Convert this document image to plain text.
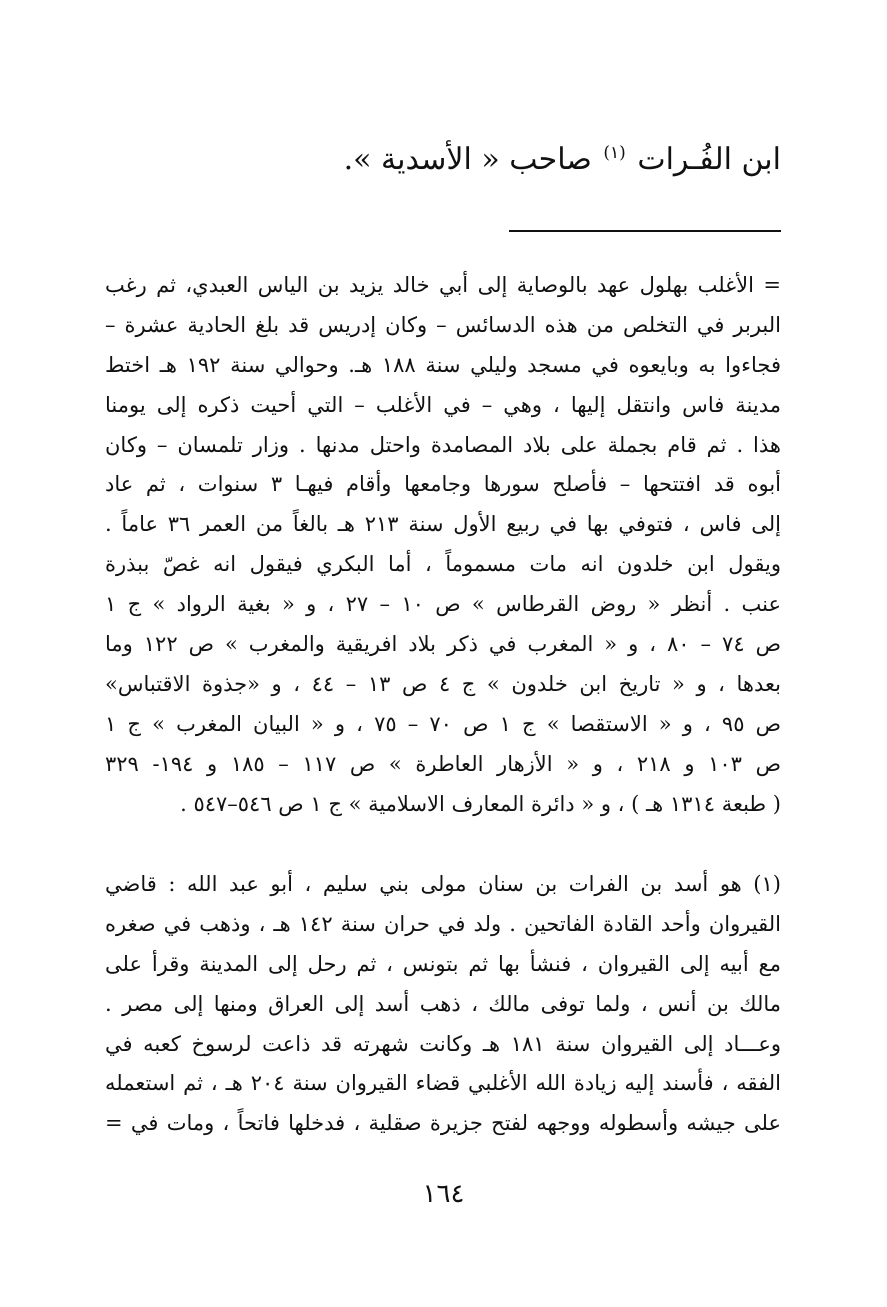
ابن الفُـرات $^{(١)}$ صاحب « الأسدية ».
= الأغلب بهلول عهد بالوصاية إلى أبي خالد يزيد بن الياس العبدي، ثم رغب
البربر في التخلص من هذه الدسائس – وكان إدريس قد بلغ الحادية عشرة –
فجاءوا به وبايعوه في مسجد وليلي سنة ١٨٨ هـ. وحوالي سنة ١٩٢ هـ اختط
مدينة فاس وانتقل إليها ، وهي – في الأغلب – التي أحيت ذكره إلى يومنا
هذا . ثم قام بجملة على بلاد المصامدة واحتل مدنها . وزار تلمسان – وكان
أبوه قد افتتحها – فأصلح سورها وجامعها وأقام فيهـا ٣ سنوات ، ثم عاد
إلى فاس ، فتوفي بها في ربيع الأول سنة ٢١٣ هـ بالغاً من العمر ٣٦ عاماً .
ويقول ابن خلدون انه مات مسموماً ، أما البكري فيقول انه غصّ ببذرة
عنب . أنظر « روض القرطاس » ص ١٠ – ٢٧ ، و « بغية الرواد » ج ١
ص ٧٤ – ٨٠ ، و « المغرب في ذكر بلاد افريقية والمغرب » ص ١٢٢ وما
بعدها ، و « تاريخ ابن خلدون » ج ٤ ص ١٣ – ٤٤ ، و «جذوة الاقتباس»
ص ٩٥ ، و « الاستقصا » ج ١ ص ٧٠ – ٧٥ ، و « البيان المغرب » ج ١
ص ١٠٣ و ٢١٨ ، و « الأزهار العاطرة » ص ١١٧ – ١٨٥ و ١٩٤- ٣٢٩
( طبعة ١٣١٤ هـ ) ، و « دائرة المعارف الاسلامية » ج ١ ص ٥٤٦–٥٤٧ .
(١) هو أسد بن الفرات بن سنان مولى بني سليم ، أبو عبد الله : قاضي
القيروان وأحد القادة الفاتحين . ولد في حران سنة ١٤٢ هـ ، وذهب في صغره
مع أبيه إلى القيروان ، فنشأ بها ثم بتونس ، ثم رحل إلى المدينة وقرأ على
مالك بن أنس ، ولما توفى مالك ، ذهب أسد إلى العراق ومنها إلى مصر .
وعـــاد إلى القيروان سنة ١٨١ هـ وكانت شهرته قد ذاعت لرسوخ كعبه في
الفقه ، فأسند إليه زيادة الله الأغلبي قضاء القيروان سنة ٢٠٤ هـ ، ثم استعمله
على جيشه وأسطوله ووجهه لفتح جزيرة صقلية ، فدخلها فاتحاً ، ومات في =
١٦٤
